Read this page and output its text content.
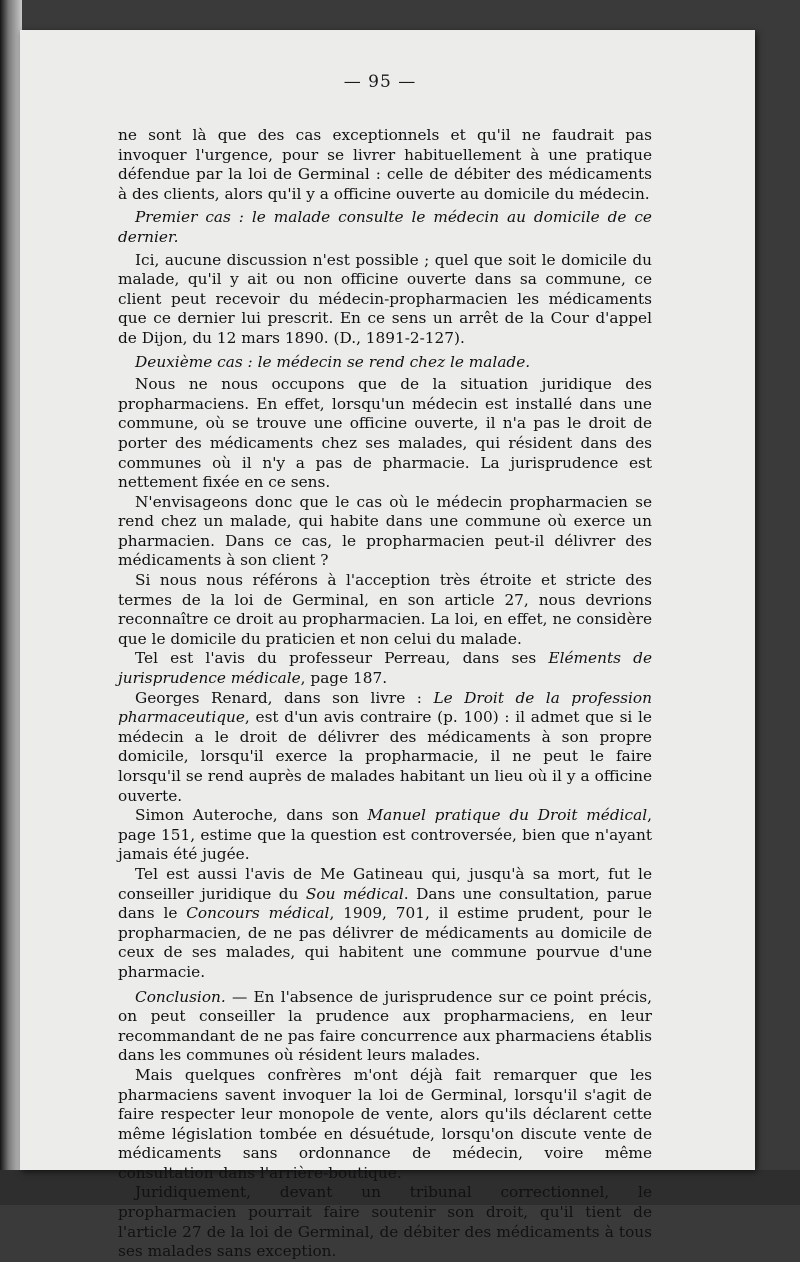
— 95 —

ne sont là que des cas exceptionnels et qu'il ne faudrait pas invoquer l'urgence, pour se livrer habituellement à une pratique défendue par la loi de Germinal : celle de débiter des médicaments à des clients, alors qu'il y a officine ouverte au domicile du médecin.

Premier cas : le malade consulte le médecin au domicile de ce dernier.

Ici, aucune discussion n'est possible ; quel que soit le domicile du malade, qu'il y ait ou non officine ouverte dans sa commune, ce client peut recevoir du médecin-propharmacien les médicaments que ce dernier lui prescrit. En ce sens un arrêt de la Cour d'appel de Dijon, du 12 mars 1890. (D., 1891-2-127).

Deuxième cas : le médecin se rend chez le malade.

Nous ne nous occupons que de la situation juridique des propharmaciens. En effet, lorsqu'un médecin est installé dans une commune, où se trouve une officine ouverte, il n'a pas le droit de porter des médicaments chez ses malades, qui résident dans des communes où il n'y a pas de pharmacie. La jurisprudence est nettement fixée en ce sens.

N'envisageons donc que le cas où le médecin propharmacien se rend chez un malade, qui habite dans une commune où exerce un pharmacien. Dans ce cas, le propharmacien peut-il délivrer des médicaments à son client ?

Si nous nous référons à l'acception très étroite et stricte des termes de la loi de Germinal, en son article 27, nous devrions reconnaître ce droit au propharmacien. La loi, en effet, ne considère que le domicile du praticien et non celui du malade.

Tel est l'avis du professeur Perreau, dans ses Eléments de jurisprudence médicale, page 187.

Georges Renard, dans son livre : Le Droit de la profession pharmaceutique, est d'un avis contraire (p. 100) : il admet que si le médecin a le droit de délivrer des médicaments à son propre domicile, lorsqu'il exerce la propharmacie, il ne peut le faire lorsqu'il se rend auprès de malades habitant un lieu où il y a officine ouverte.

Simon Auteroche, dans son Manuel pratique du Droit médical, page 151, estime que la question est controversée, bien que n'ayant jamais été jugée.

Tel est aussi l'avis de Me Gatineau qui, jusqu'à sa mort, fut le conseiller juridique du Sou médical. Dans une consultation, parue dans le Concours médical, 1909, 701, il estime prudent, pour le propharmacien, de ne pas délivrer de médicaments au domicile de ceux de ses malades, qui habitent une commune pourvue d'une pharmacie.

Conclusion. — En l'absence de jurisprudence sur ce point précis, on peut conseiller la prudence aux propharmaciens, en leur recommandant de ne pas faire concurrence aux pharmaciens établis dans les communes où résident leurs malades.

Mais quelques confrères m'ont déjà fait remarquer que les pharmaciens savent invoquer la loi de Germinal, lorsqu'il s'agit de faire respecter leur monopole de vente, alors qu'ils déclarent cette même législation tombée en désuétude, lorsqu'on discute vente de médicaments sans ordonnance de médecin, voire même consultation dans l'arrière-boutique.

Juridiquement, devant un tribunal correctionnel, le propharmacien pourrait faire soutenir son droit, qu'il tient de l'article 27 de la loi de Germinal, de débiter des médicaments à tous ses malades sans exception.
